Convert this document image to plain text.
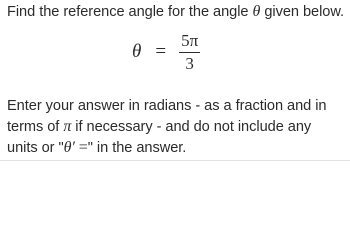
Find the reference angle for the angle θ given below.
$\theta = \frac{5\pi}{3}$
Enter your answer in radians - as a fraction and in
terms of π if necessary - and do not include any
units or "θ′ =" in the answer.
